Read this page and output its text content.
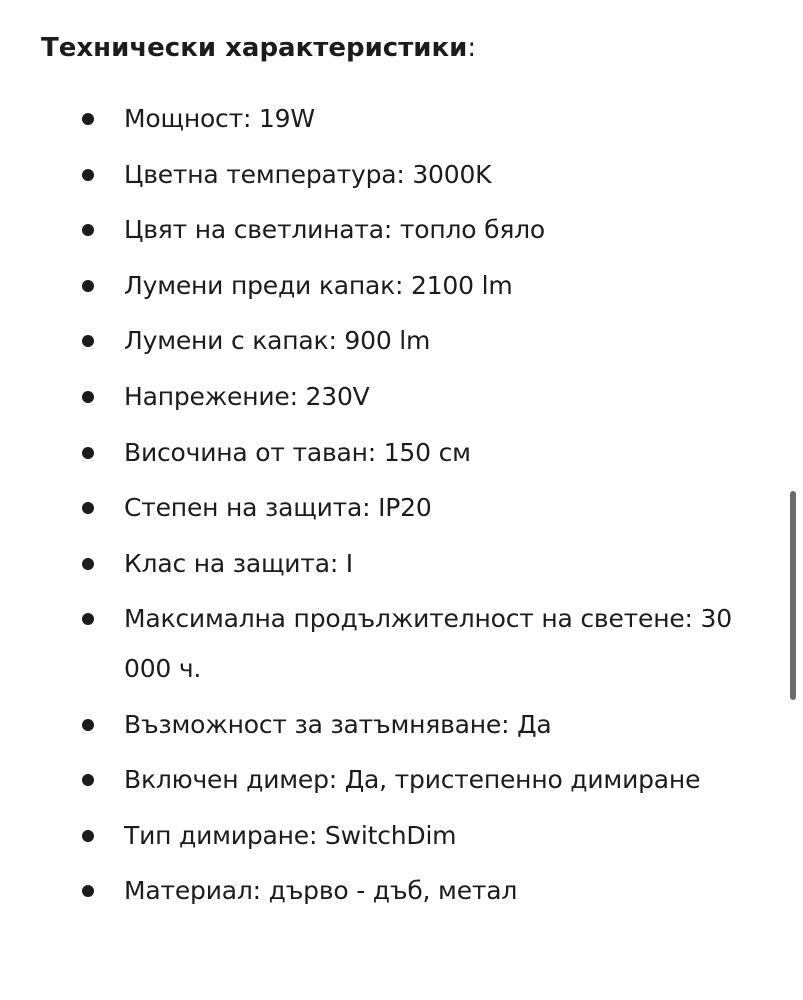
Технически характеристики:
Мощност: 19W
Цветна температура: 3000K
Цвят на светлината: топло бяло
Лумени преди капак: 2100 lm
Лумени с капак: 900 lm
Напрежение: 230V
Височина от таван: 150 см
Степен на защита: IP20
Клас на защита: I
Максимална продължителност на светене: 30 000 ч.
Възможност за затъмняване: Да
Включен димер: Да, тристепенно димиране
Тип димиране: SwitchDim
Материал: дърво - дъб, метал
